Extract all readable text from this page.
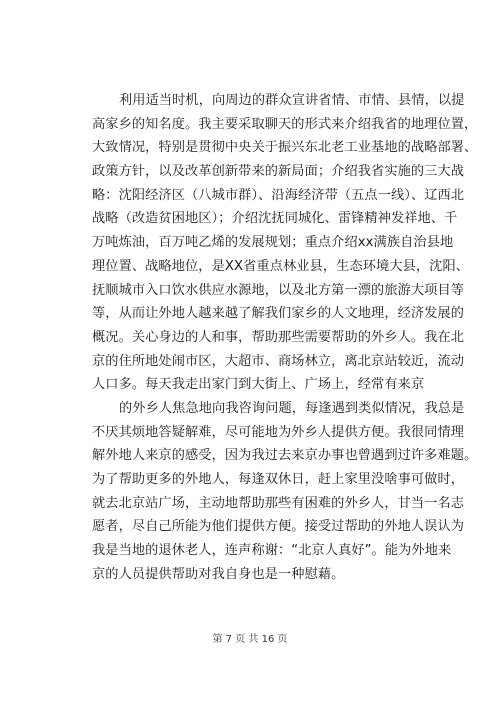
利用适当时机，向周边的群众宣讲省情、市情、县情，以提
高家乡的知名度。我主要采取聊天的形式来介绍我省的地理位置，
大致情况，特别是贯彻中央关于振兴东北老工业基地的战略部署、
政策方针，以及改革创新带来的新局面；介绍我省实施的三大战
略：沈阳经济区（八城市群）、沿海经济带（五点一线）、辽西北
战略（改造贫困地区）；介绍沈抚同城化、雷锋精神发祥地、千
万吨炼油，百万吨乙烯的发展规划；重点介绍xx满族自治县地
理位置、战略地位，是XX省重点林业县，生态环境大县，沈阳、
抚顺城市入口饮水供应水源地，以及北方第一漂的旅游大项目等
等，从而让外地人越来越了解我们家乡的人文地理，经济发展的
概况。关心身边的人和事，帮助那些需要帮助的外乡人。我在北
京的住所地处闹市区，大超市、商场林立，离北京站较近，流动
人口多。每天我走出家门到大街上、广场上，经常有来京
的外乡人焦急地向我咨询问题，每逢遇到类似情况，我总是
不厌其烦地答疑解难，尽可能地为外乡人提供方便。我很同情理
解外地人来京的感受，因为我过去来京办事也曾遇到过许多难题。
为了帮助更多的外地人，每逢双休日，赶上家里没啥事可做时，
就去北京站广场，主动地帮助那些有困难的外乡人，甘当一名志
愿者，尽自己所能为他们提供方便。接受过帮助的外地人误认为
我是当地的退休老人，连声称谢：“北京人真好”。能为外地来
京的人员提供帮助对我自身也是一种慰藉。
第 7 页 共 16 页
